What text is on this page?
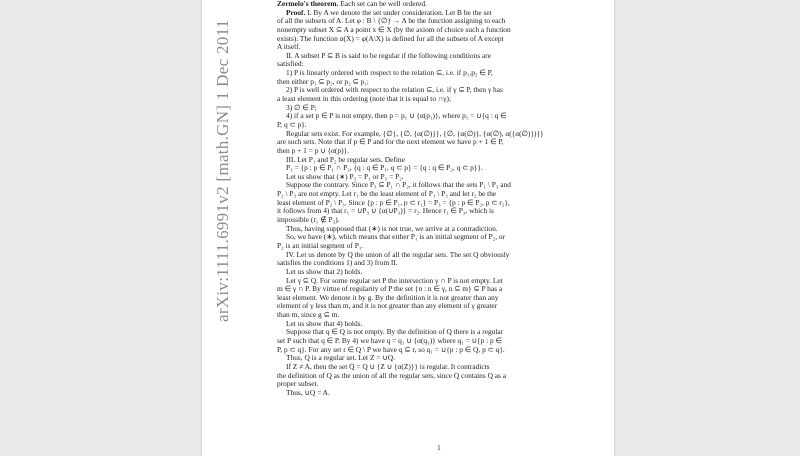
arXiv:1111.6991v2 [math.GN] 1 Dec 2011
Zermelo's theorem. Each set can be well ordered.
Proof. I. By A we denote the set under consideration. Let B be the set
of all the subsets of A. Let φ : B \ {∅} → A be the function assigning to each
nonempty subset X ⊆ A a point x ∈ X (by the axiom of choice such a function
exists). The function α(X) = φ(A\X) is defined for all the subsets of A except
A itself.
II. A subset P ⊆ B is said to be regular if the following conditions are
satisfied:
1) P is linearly ordered with respect to the relation ⊆, i.e. if p₁,p₂ ∈ P,
then either p₁ ⊆ p₂, or p₂ ⊆ p₁;
2) P is well ordered with respect to the relation ⊆, i.e. if γ ⊆ P, then γ has
a least element in this ordering (note that it is equal to ∩γ);
3) ∅ ∈ P;
4) if a set p ∈ P is not empty, then p = p₁ ∪ {α(p₁)}, where p₁ = ∪{q : q ∈
P, q ⊂ p}.
Regular sets exist. For example, {∅}, {∅, {α(∅)}}, {∅, {α(∅)}, {α(∅), α({α(∅)})}}
are such sets. Note that if p ∈ P and for the next element we have p + 1 ∈ P,
then p + 1 = p ∪ {α(p)}.
III. Let P₁ and P₂ be regular sets. Define
P₃ = {p : p ∈ P₁ ∩ P₂, {q : q ∈ P₁, q ⊂ p} = {q : q ∈ P₂, q ⊂ p}}.
Let us show that (∗) P₃ = P₁ or P₃ = P₂.
Suppose the contrary. Since P₃ ⊆ P₁ ∩ P₂, it follows that the sets P₁ \ P₃ and
P₂ \ P₃ are not empty. Let r₁ be the least element of P₁ \ P₃ and let r₂ be the
least element of P₂ \ P₃. Since {p : p ∈ P₁, p ⊂ r₁} = P₃ = {p : p ∈ P₂, p ⊂ r₂},
it follows from 4) that r₁ = ∪P₃ ∪ {α(∪P₃)} = r₂. Hence r₁ ∈ P₃, which is
impossible (r₁ ∉ P₃).
Thus, having supposed that (∗) is not true, we arrive at a contradiction.
So, we have (∗), which means that either P₁ is an initial segment of P₂, or
P₂ is an initial segment of P₁.
IV. Let us denote by Q the union of all the regular sets. The set Q obviously
satisfies the conditions 1) and 3) from II.
Let us show that 2) holds.
Let γ ⊆ Q. For some regular set P the intersection γ ∩ P is not empty. Let
m ∈ γ ∩ P. By virtue of regularity of P the set {n : n ∈ γ, n ⊆ m} ⊆ P has a
least element. We denote it by g. By the definition it is not greater than any
element of γ less than m, and it is not greater than any element of γ greater
than m, since g ⊆ m.
Let us show that 4) holds.
Suppose that q ∈ Q is not empty. By the definition of Q there is a regular
set P such that q ∈ P. By 4) we have q = q₁ ∪ {α(q₁)} where q₁ = ∪{p : p ∈
P, p ⊂ q}. For any set r ∈ Q \ P we have q ⊆ r, so q₁ = ∪{p : p ∈ Q, p ⊂ q}.
Thus, Q is a regular set. Let Z = ∪Q.
If Z ≠ A, then the set Q̂ = Q ∪ {Z ∪ {α(Z)}} is regular. It contradicts
the definition of Q as the union of all the regular sets, since Q̂ contains Q as a
proper subset.
Thus, ∪Q = A.
1
